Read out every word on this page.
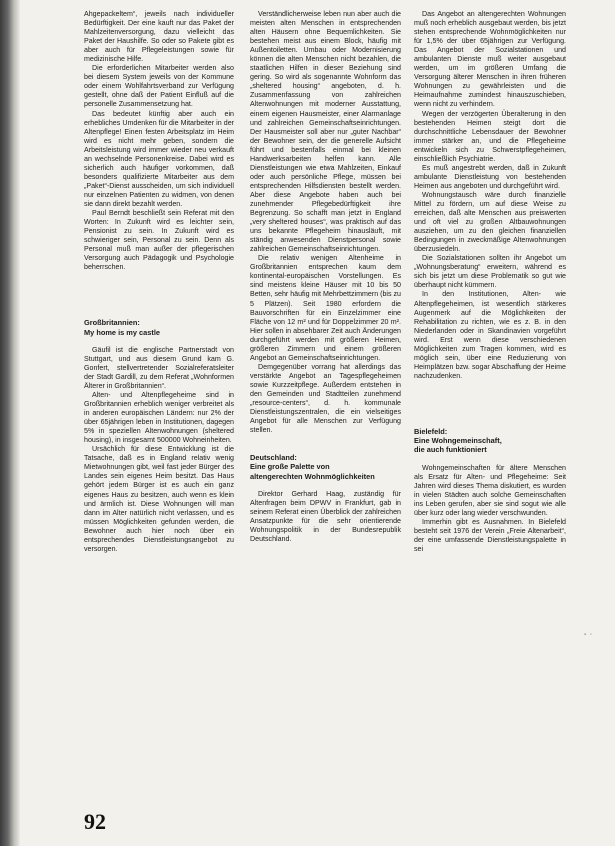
Ahgepackeltem“, jeweils nach individueller Bedürftigkeit. Der eine kauft nur das Paket der Mahlzeitenversorgung, dazu vielleicht das Paket der Haushilfe. So oder so Pakete gibt es aber auch für Pflegeleistungen sowie für medizinische Hilfe.

Die erforderlichen Mitarbeiter werden also bei diesem System jeweils von der Kommune oder einem Wohlfahrtsverband zur Verfügung gestellt, ohne daß der Patient Einfluß auf die personelle Zusammensetzung hat.

Das bedeutet künftig aber auch ein erhebliches Umdenken für die Mitarbeiter in der Altenpflege! Einen festen Arbeitsplatz im Heim wird es nicht mehr geben, sondern die Arbeitsleistung wird immer wieder neu verkauft an wechselnde Personenkreise. Dabei wird es sicherlich auch häufiger vorkommen, daß besonders qualifizierte Mitarbeiter aus dem „Paket“-Dienst ausscheiden, um sich individuell nur einzelnen Patienten zu widmen, von denen sie dann direkt bezahlt werden.

Paul Berndt beschließt sein Referat mit den Worten: In Zukunft wird es leichter sein, Pensionist zu sein. In Zukunft wird es schwieriger sein, Personal zu sein. Denn als Personal muß man außer der pflegerischen Versorgung auch Pädagogik und Psychologie beherrschen.

Großbritannien:
My home is my castle

Gäufil ist die englische Partnerstadt von Stuttgart, und aus diesem Grund kam G. Gonfert, stellvertretender Sozialreferatsleiter der Stadt Gardill, zu dem Referat „Wohnformen Älterer in Großbritannien“.

Alten- und Altenpflegeheime sind in Großbritannien erheblich weniger verbreitet als in anderen europäischen Ländern: nur 2% der über 65jährigen leben in Institutionen, dagegen 5% in speziellen Altenwohnungen (sheltered housing), in insgesamt 500000 Wohneinheiten.

Ursächlich für diese Entwicklung ist die Tatsache, daß es in England relativ wenig Mietwohnungen gibt, weil fast jeder Bürger des Landes sein eigenes Heim besitzt. Das Haus gehört jedem Bürger ist es auch ein ganz eigenes Haus zu besitzen, auch wenn es klein und ärmlich ist. Diese Wohnungen will man dann im Alter natürlich nicht verlassen, und es müssen Möglichkeiten gefunden werden, die Bewohner auch hier noch über ein entsprechendes Dienstleistungsangebot zu versorgen.

Verständlicherweise leben nun aber auch die meisten alten Menschen in entsprechenden alten Häusern ohne Bequemlichkeiten. Sie bestehen meist aus einem Block, häufig mit Außentoiletten. Umbau oder Modernisierung können die alten Menschen nicht bezahlen, die staatlichen Hilfen in dieser Beziehung sind gering. So wird als sogenannte Wohnform das „sheltered housing“ angeboten, d. h. Zusammenfassung von zahlreichen Altenwohnungen mit moderner Ausstattung, einem eigenen Hausmeister, einer Alarmanlage und zahlreichen Gemeinschaftseinrichtungen. Der Hausmeister soll aber nur „guter Nachbar“ der Bewohner sein, der die generelle Aufsicht führt und bestenfalls einmal bei kleinen Handwerksarbeiten helfen kann. Alle Dienstleistungen wie etwa Mahlzeiten, Einkauf oder auch persönliche Pflege, müssen bei entsprechenden Hilfsdiensten bestellt werden. Aber diese Angebote haben auch bei zunehmender Pflegebedürftigkeit ihre Begrenzung. So schafft man jetzt in England „very sheltered houses“, was praktisch auf das uns bekannte Pflegeheim hinausläuft, mit ständig anwesenden Dienstpersonal sowie zahlreichen Gemeinschaftseinrichtungen.

Die relativ wenigen Altenheime in Großbritannien entsprechen kaum dem kontinental-europäischen Vorstellungen. Es sind meistens kleine Häuser mit 10 bis 50 Betten, sehr häufig mit Mehrbettzimmern (bis zu 5 Plätzen). Seit 1980 erfordern die Bauvorschriften für ein Einzelzimmer eine Fläche von 12 m² und für Doppelzimmer 20 m². Hier sollen in absehbarer Zeit auch Änderungen durchgeführt werden mit größeren Heimen, größeren Zimmern und einem größeren Angebot an Gemeinschaftseinrichtungen.

Demgegenüber vorrang hat allerdings das verstärkte Angebot an Tagespflegeheimen sowie Kurzzeitpflege. Außerdem entstehen in den Gemeinden und Stadtteilen zunehmend „resource-centers“, d. h. kommunale Dienstleistungszentralen, die ein vielseitiges Angebot für alle Menschen zur Verfügung stellen.

Deutschland:
Eine große Palette von
altengerechten Wohnmöglichkeiten

Direktor Gerhard Haag, zuständig für Altenfragen beim DPWV in Frankfurt, gab in seinem Referat einen Überblick der zahlreichen Ansatzpunkte für die sehr orientierende Wohnungspolitik in der Bundesrepublik Deutschland.

Das Angebot an altengerechten Wohnungen muß noch erheblich ausgebaut werden, bis jetzt stehen entsprechende Wohnmöglichkeiten nur für 1,5% der über 65jährigen zur Verfügung. Das Angebot der Sozialstationen und ambulanten Dienste muß weiter ausgebaut werden, um im größeren Umfang die Versorgung älterer Menschen in ihren früheren Wohnungen zu gewährleisten und die Heimaufnahme zumindest hinauszuschieben, wenn nicht zu verhindern.

Wegen der verzögerten Überalterung in den bestehenden Heimen steigt dort die durchschnittliche Lebensdauer der Bewohner immer stärker an, und die Pflegeheime entwickeln sich zu Schwerstpflegeheimen, einschließlich Psychiatrie.

Es muß angestrebt werden, daß in Zukunft ambulante Dienstleistung von bestehenden Heimen aus angeboten und durchgeführt wird.

Wohnungstausch wäre durch finanzielle Mittel zu fördern, um auf diese Weise zu erreichen, daß alte Menschen aus preiswerten und oft viel zu großen Altbauwohnungen ausziehen, um zu den gleichen finanziellen Bedingungen in zweckmäßige Altenwohnungen überzusiedeln.

Die Sozialstationen sollten ihr Angebot um „Wohnungsberatung“ erweitern, während es sich bis jetzt um diese Problematik so gut wie überhaupt nicht kümmern.

In den Institutionen, Alten- wie Altenpflegeheimen, ist wesentlich stärkeres Augenmerk auf die Möglichkeiten der Rehabilitation zu richten, wie es z. B. in den Niederlanden oder in Skandinavien vorgeführt wird. Erst wenn diese verschiedenen Möglichkeiten zum Tragen kommen, wird es möglich sein, über eine Reduzierung von Heimplätzen bzw. sogar Abschaffung der Heime nachzudenken.

Bielefeld:
Eine Wohngemeinschaft,
die auch funktioniert

Wohngemeinschaften für ältere Menschen als Ersatz für Alten- und Pflegeheime: Seit Jahren wird dieses Thema diskutiert, es wurden in vielen Städten auch solche Gemeinschaften ins Leben gerufen, aber sie sind sogut wie alle über kurz oder lang wieder verschwunden.

Immerhin gibt es Ausnahmen. In Bielefeld besteht seit 1976 der Verein „Freie Altenarbeit“, der eine umfassende Dienstleistungspalette in sei

92
▪ ▫
